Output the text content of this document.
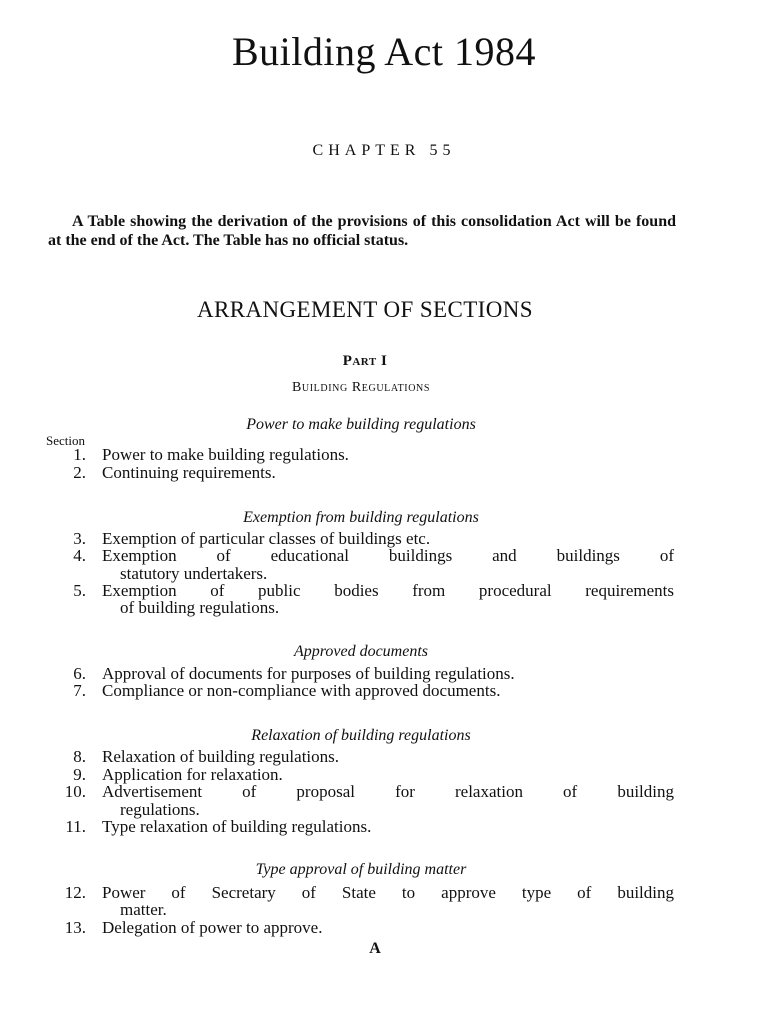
Building Act 1984
CHAPTER 55

A Table showing the derivation of the provisions of this consolidation Act will be found at the end of the Act. The Table has no official status.

ARRANGEMENT OF SECTIONS
Part I
Building Regulations
Power to make building regulations
Section
1. Power to make building regulations.
2. Continuing requirements.
Exemption from building regulations
3. Exemption of particular classes of buildings etc.
4. Exemption of educational buildings and buildings of
statutory undertakers.
5. Exemption of public bodies from procedural requirements
of building regulations.
Approved documents
6. Approval of documents for purposes of building regulations.
7. Compliance or non-compliance with approved documents.
Relaxation of building regulations
8. Relaxation of building regulations.
9. Application for relaxation.
10. Advertisement of proposal for relaxation of building
regulations.
11. Type relaxation of building regulations.
Type approval of building matter
12. Power of Secretary of State to approve type of building
matter.
13. Delegation of power to approve.
A
